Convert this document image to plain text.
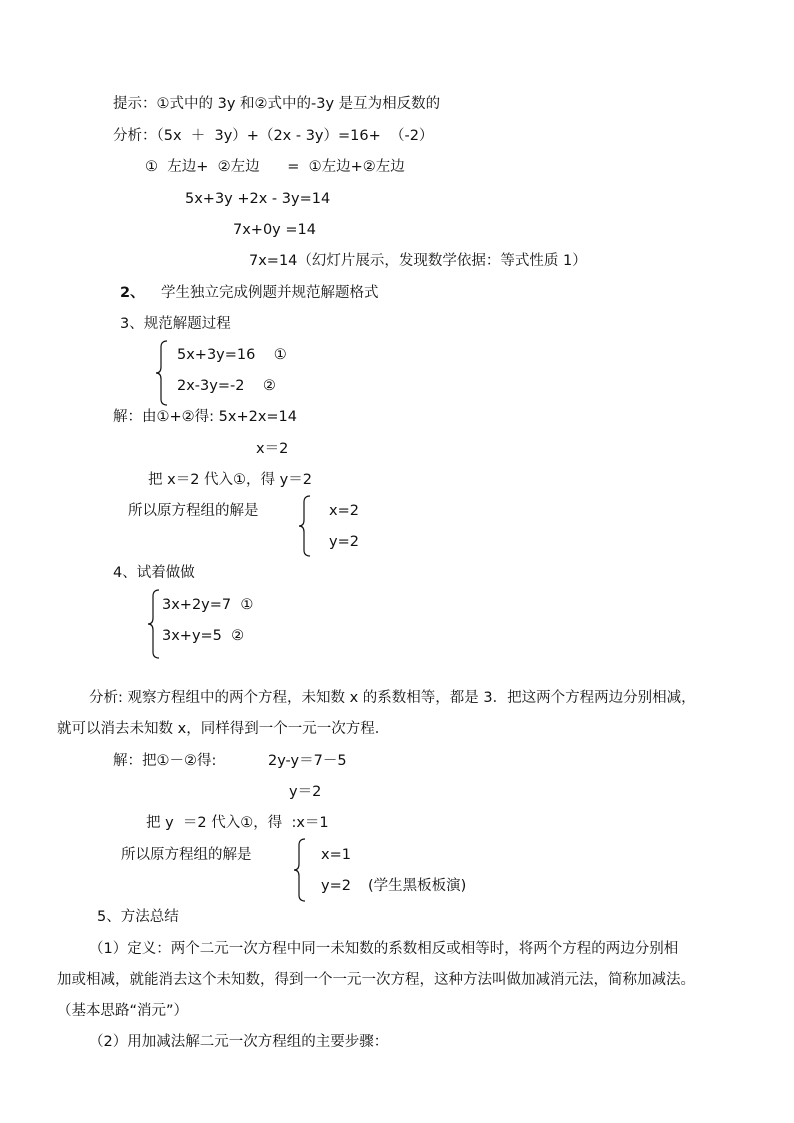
提示：①式中的 3y 和②式中的-3y 是互为相反数的
分析：（5x  ＋  3y）+（2x - 3y）=16+  （-2）
①  左边+  ②左边      =  ①左边+②左边
5x+3y +2x - 3y=14
7x+0y =14
7x=14（幻灯片展示，发现数学依据：等式性质 1）
2、 学生独立完成例题并规范解题格式
3、规范解题过程
5x+3y=16    ①
2x-3y=-2    ②
解：由①+②得: 5x+2x=14
x＝2
把 x＝2 代入①，得 y＝2
所以原方程组的解是	x=2
y=2
4、试着做做
3x+2y=7  ①
3x+y=5  ②
分析: 观察方程组中的两个方程，未知数 x 的系数相等，都是 3．把这两个方程两边分别相减，
就可以消去未知数 x，同样得到一个一元一次方程．
解：把①－②得:	2y-y＝7－5
y＝2
把 y  ＝2 代入①，得  :x＝1
所以原方程组的解是	x=1
y=2 (学生黑板板演)
5、方法总结
（1）定义：两个二元一次方程中同一未知数的系数相反或相等时，将两个方程的两边分别相
加或相减，就能消去这个未知数，得到一个一元一次方程，这种方法叫做加减消元法，简称加减法。
（基本思路“消元”）
（2）用加减法解二元一次方程组的主要步骤：
